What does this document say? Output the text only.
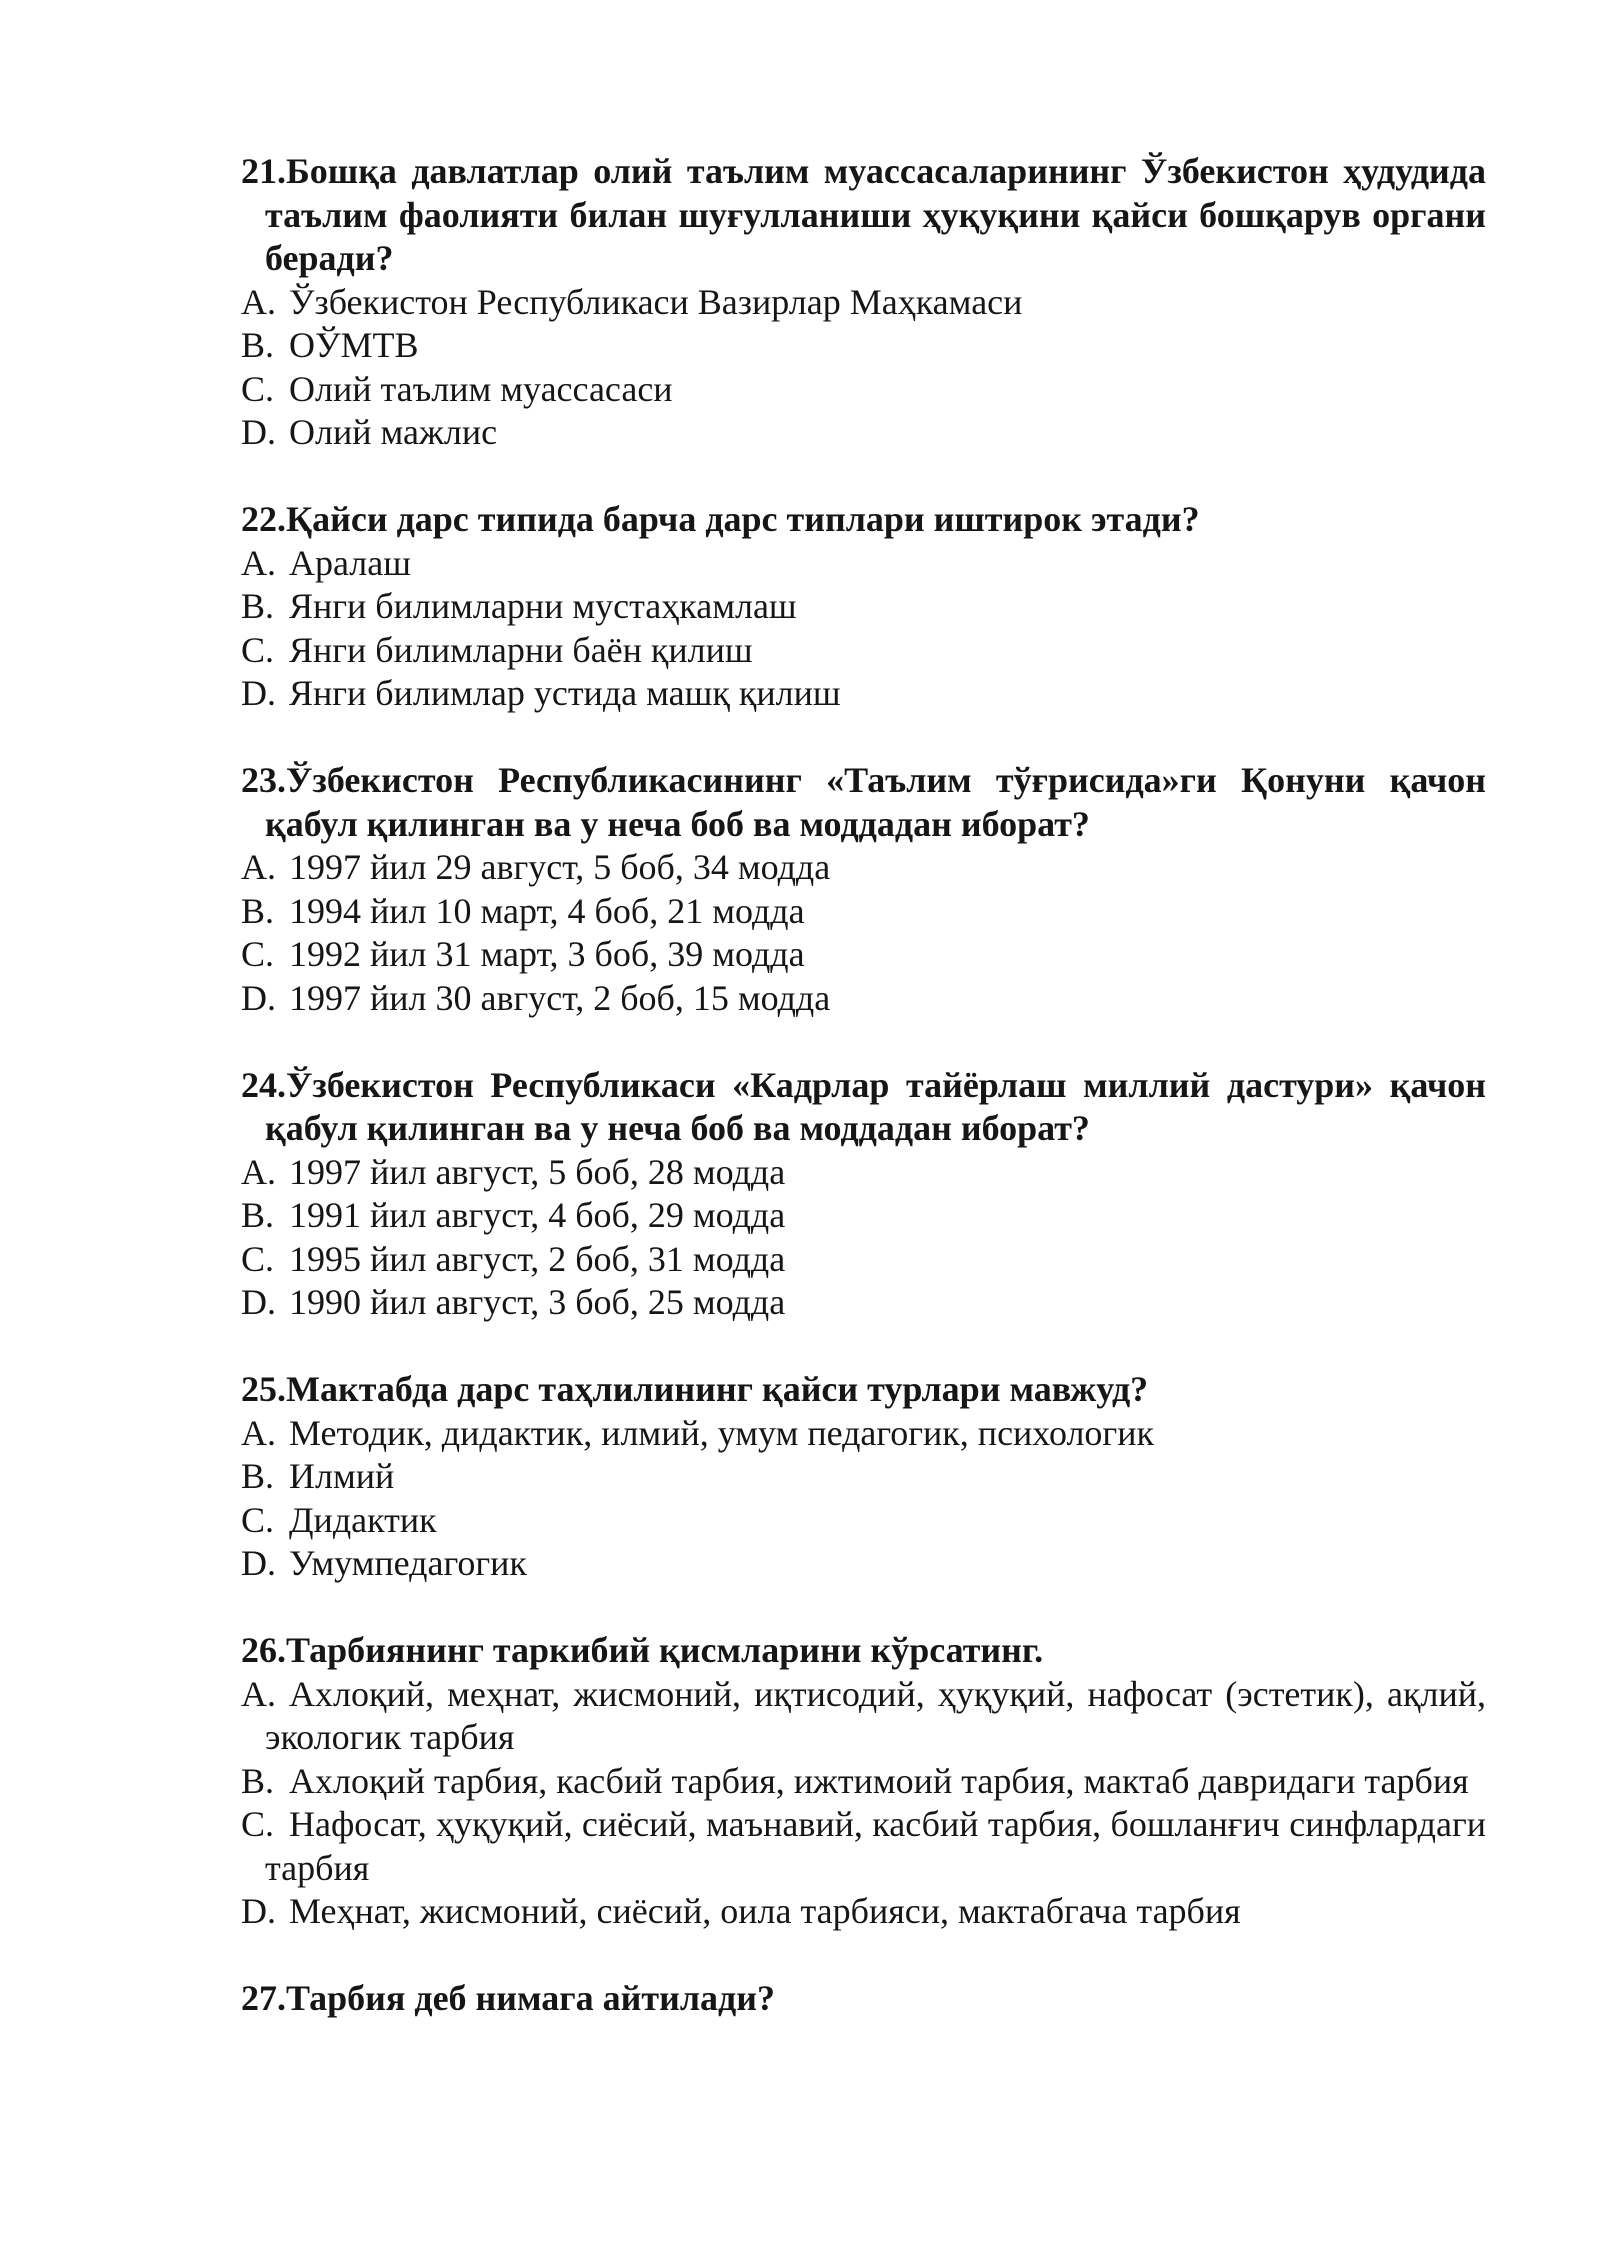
21.Бошқа давлатлар олий таълим муассасаларининг Ўзбекистон ҳудудида таълим фаолияти билан шуғулланиши ҳуқуқини қайси бошқарув органи беради?

A. Ўзбекистон Республикаси Вазирлар Маҳкамаси

B. ОЎМТВ

C. Олий таълим муассасаси

D. Олий мажлис

22.Қайси дарс типида барча дарс типлари иштирок этади?

A. Аралаш

B. Янги билимларни мустаҳкамлаш

C. Янги билимларни баён қилиш

D. Янги билимлар устида машқ қилиш

23.Ўзбекистон Республикасининг «Таълим тўғрисида»ги Қонуни қачон қабул қилинган ва у неча боб ва моддадан иборат?

A. 1997 йил 29 август, 5 боб, 34 модда

B. 1994 йил 10 март, 4 боб, 21 модда

C. 1992 йил 31 март, 3 боб, 39 модда

D. 1997 йил 30 август, 2 боб, 15 модда

24.Ўзбекистон Республикаси «Кадрлар тайёрлаш миллий дастури» қачон қабул қилинган ва у неча боб ва моддадан иборат?

A. 1997 йил август, 5 боб, 28 модда

B. 1991 йил август, 4 боб, 29 модда

C. 1995 йил август, 2 боб, 31 модда

D. 1990 йил август, 3 боб, 25 модда

25.Мактабда дарс таҳлилининг қайси турлари мавжуд?

A. Методик, дидактик, илмий, умум педагогик, психологик

B. Илмий

C. Дидактик

D. Умумпедагогик

26.Тарбиянинг таркибий қисмларини кўрсатинг.

A. Ахлоқий, меҳнат, жисмоний, иқтисодий, ҳуқуқий, нафосат (эстетик), ақлий, экологик тарбия

B. Ахлоқий тарбия, касбий тарбия, ижтимоий тарбия, мактаб давридаги тарбия

C. Нафосат, ҳуқуқий, сиёсий, маънавий, касбий тарбия, бошланғич синфлардаги тарбия

D. Меҳнат, жисмоний, сиёсий, оила тарбияси, мактабгача тарбия

27.Тарбия деб нимага айтилади?
